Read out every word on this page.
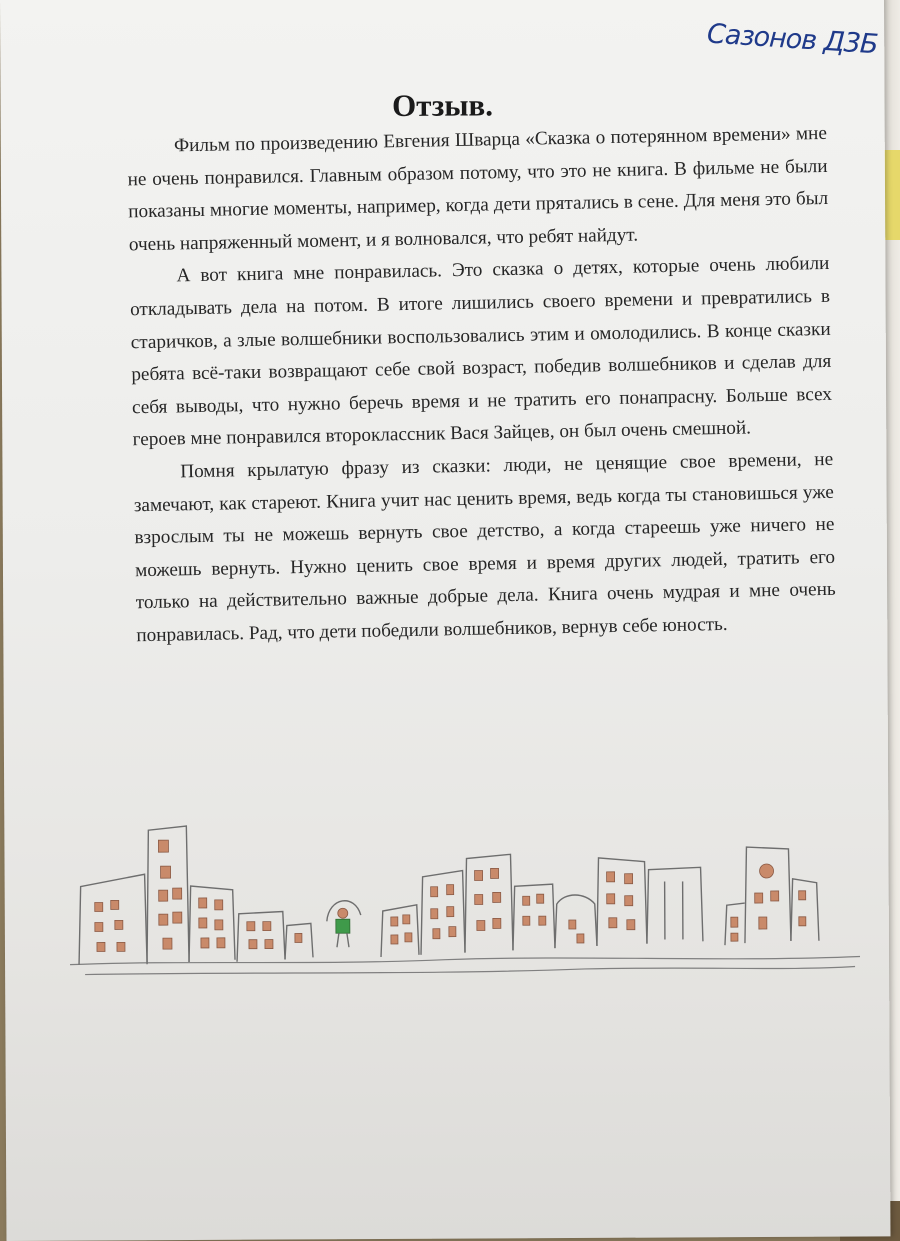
Сазонов Д3Б
Отзыв.

Фильм по произведению Евгения Шварца «Сказка о потерянном времени» мне не очень понравился. Главным образом потому, что это не книга. В фильме не были показаны многие моменты, например, когда дети прятались в сене. Для меня это был очень напряженный момент, и я волновался, что ребят найдут.

А вот книга мне понравилась. Это сказка о детях, которые очень любили откладывать дела на потом. В итоге лишились своего времени и превратились в старичков, а злые волшебники воспользовались этим и омолодились. В конце сказки ребята всё-таки возвращают себе свой возраст, победив волшебников и сделав для себя выводы, что нужно беречь время и не тратить его понапрасну. Больше всех героев мне понравился второклассник Вася Зайцев, он был очень смешной.

Помня крылатую фразу из сказки: люди, не ценящие свое времени, не замечают, как стареют. Книга учит нас ценить время, ведь когда ты становишься уже взрослым ты не можешь вернуть свое детство, а когда стареешь уже ничего не можешь вернуть. Нужно ценить свое время и время других людей, тратить его только на действительно важные добрые дела. Книга очень мудрая и мне очень понравилась. Рад, что дети победили волшебников, вернув себе юность.
